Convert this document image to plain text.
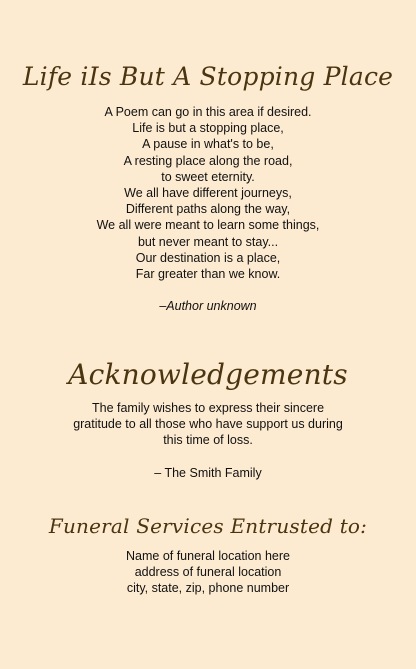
Life iIs But A Stopping Place
A Poem can go in this area if desired.
Life is but a stopping place,
A pause in what's to be,
A resting place along the road,
to sweet eternity.
We all have different journeys,
Different paths along the way,
We all were meant to learn some things,
but never meant to stay...
Our destination is a place,
Far greater than we know.
–Author unknown
Acknowledgements
The family wishes to express their sincere
gratitude to all those who have support us during
this time of loss.
– The Smith Family
Funeral Services Entrusted to:
Name of funeral location here
address of funeral location
city, state, zip, phone number
